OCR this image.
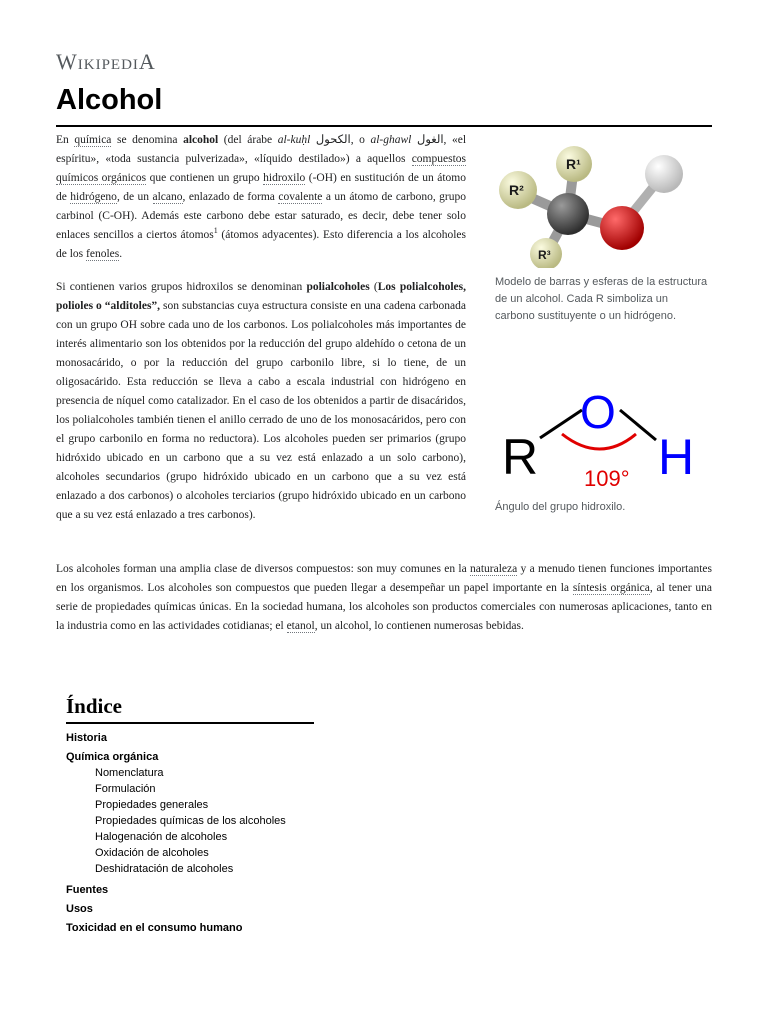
WikipediA
Alcohol

En química se denomina alcohol (del árabe al-kuḥl الكحول, o al-ghawl الغول, «el espíritu», «toda sustancia pulverizada», «líquido destilado») a aquellos compuestos químicos orgánicos que contienen un grupo hidroxilo (-OH) en sustitución de un átomo de hidrógeno, de un alcano, enlazado de forma covalente a un átomo de carbono, grupo carbinol (C-OH). Además este carbono debe estar saturado, es decir, debe tener solo enlaces sencillos a ciertos átomos$^1$ (átomos adyacentes). Esto diferencia a los alcoholes de los fenoles.

Si contienen varios grupos hidroxilos se denominan polialcoholes (Los polialcoholes, polioles o “alditoles”, son substancias cuya estructura consiste en una cadena carbonada con un grupo OH sobre cada uno de los carbonos. Los polialcoholes más importantes de interés alimentario son los obtenidos por la reducción del grupo aldehído o cetona de un monosacárido, o por la reducción del grupo carbonilo libre, si lo tiene, de un oligosacárido. Esta reducción se lleva a cabo a escala industrial con hidrógeno en presencia de níquel como catalizador. En el caso de los obtenidos a partir de disacáridos, los polialcoholes también tienen el anillo cerrado de uno de los monosacáridos, pero con el grupo carbonilo en forma no reductora). Los alcoholes pueden ser primarios (grupo hidróxido ubicado en un carbono que a su vez está enlazado a un solo carbono), alcoholes secundarios (grupo hidróxido ubicado en un carbono que a su vez está enlazado a dos carbonos) o alcoholes terciarios (grupo hidróxido ubicado en un carbono que a su vez está enlazado a tres carbonos).

Los alcoholes forman una amplia clase de diversos compuestos: son muy comunes en la naturaleza y a menudo tienen funciones importantes en los organismos. Los alcoholes son compuestos que pueden llegar a desempeñar un papel importante en la síntesis orgánica, al tener una serie de propiedades químicas únicas. En la sociedad humana, los alcoholes son productos comerciales con numerosas aplicaciones, tanto en la industria como en las actividades cotidianas; el etanol, un alcohol, lo contienen numerosas bebidas.

R¹
R²
R³
Modelo de barras y esferas de la estructura de un alcohol. Cada R simboliza un carbono sustituyente o un hidrógeno.
R
O
H
109°
Ángulo del grupo hidroxilo.
Índice
Historia
Química orgánica
Nomenclatura
Formulación
Propiedades generales
Propiedades químicas de los alcoholes
Halogenación de alcoholes
Oxidación de alcoholes
Deshidratación de alcoholes
Fuentes
Usos
Toxicidad en el consumo humano
